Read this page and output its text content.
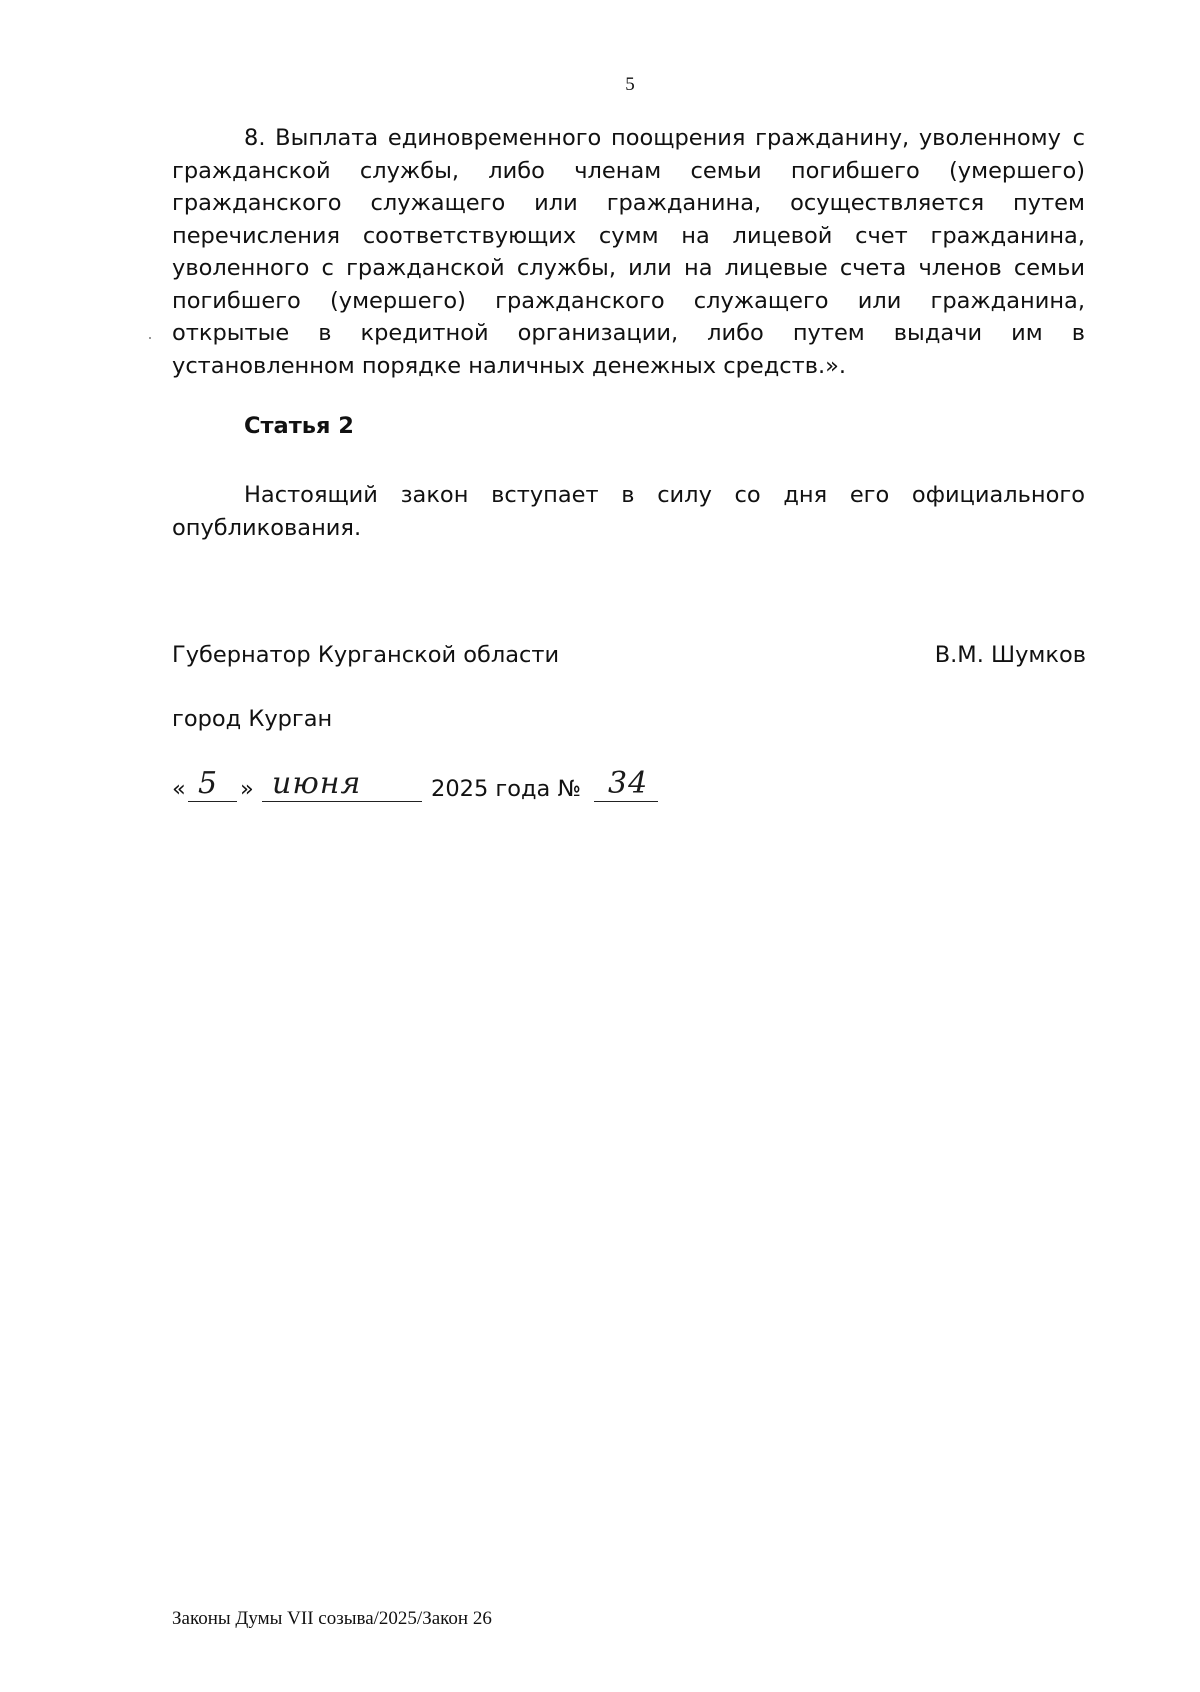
5
8. Выплата единовременного поощрения гражданину, уволенному с гражданской службы, либо членам семьи погибшего (умершего) гражданского служащего или гражданина, осуществляется путем перечисления соответствующих сумм на лицевой счет гражданина, уволенного с гражданской службы, или на лицевые счета членов семьи погибшего (умершего) гражданского служащего или гражданина, открытые в кредитной организации, либо путем выдачи им в установленном порядке наличных денежных средств.».
Статья 2
Настоящий закон вступает в силу со дня его официального опубликования.
Губернатор Курганской области	В.М. Шумков
город Курган
« 5 » июня	2025 года № 34
Законы Думы VII созыва/2025/Закон 26
